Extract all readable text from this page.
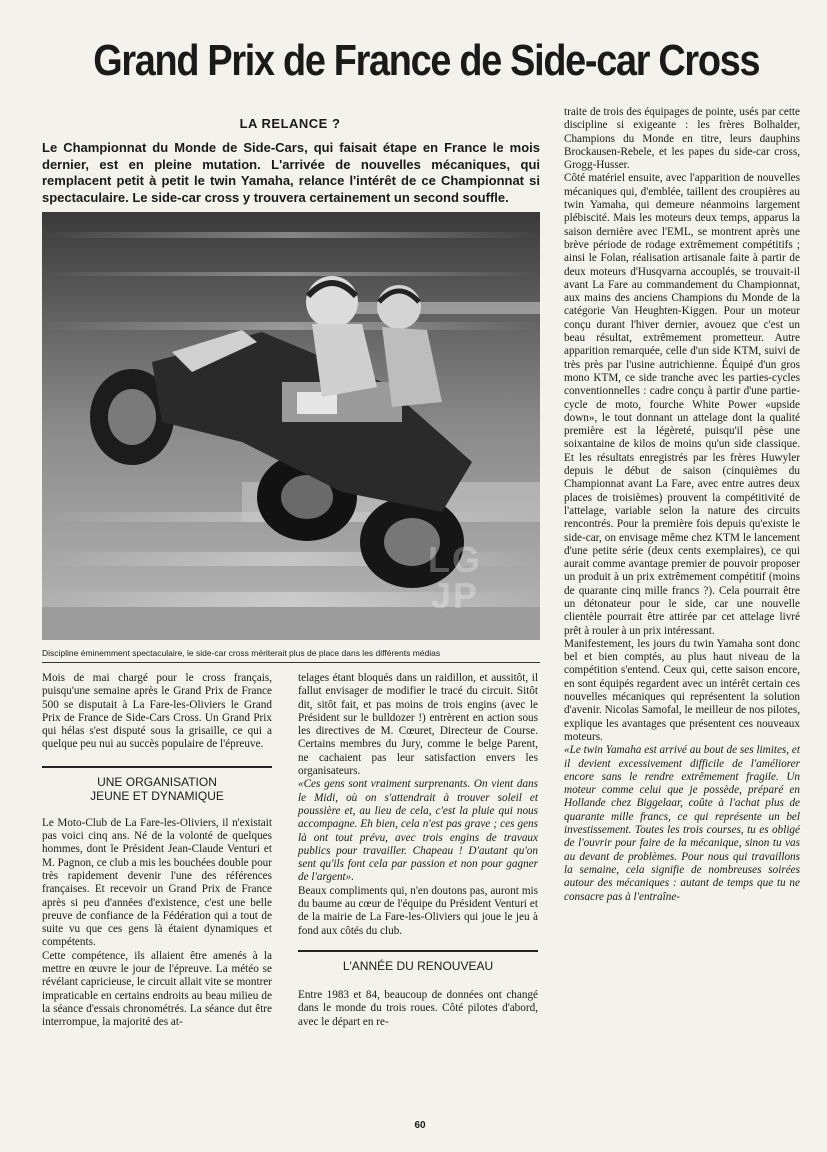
Grand Prix de France de Side-car Cross
LA RELANCE ?

Le Championnat du Monde de Side-Cars, qui faisait étape en France le mois dernier, est en pleine mutation. L'arrivée de nouvelles mécaniques, qui remplacent petit à petit le twin Yamaha, relance l'intérêt de ce Championnat si spectaculaire. Le side-car cross y trouvera certainement un second souffle.

LG JP

Discipline éminemment spectaculaire, le side-car cross mériterait plus de place dans les différents médias

Mois de mai chargé pour le cross français, puisqu'une semaine après le Grand Prix de France 500 se disputait à La Fare-les-Oliviers le Grand Prix de France de Side-Cars Cross. Un Grand Prix qui hélas s'est disputé sous la grisaille, ce qui a quelque peu nui au succès populaire de l'épreuve.

UNE ORGANISATION
JEUNE ET DYNAMIQUE

Le Moto-Club de La Fare-les-Oliviers, il n'existait pas voici cinq ans. Né de la volonté de quelques hommes, dont le Président Jean-Claude Venturi et M. Pagnon, ce club a mis les bouchées double pour très rapidement devenir l'une des références françaises. Et recevoir un Grand Prix de France après si peu d'années d'existence, c'est une belle preuve de confiance de la Fédération qui a tout de suite vu que ces gens là étaient dynamiques et compétents.

Cette compétence, ils allaient être amenés à la mettre en œuvre le jour de l'épreuve. La météo se révélant capricieuse, le circuit allait vite se montrer impraticable en certains endroits au beau milieu de la séance d'essais chronométrés. La séance dut être interrompue, la majorité des at-

telages étant bloqués dans un raidillon, et aussitôt, il fallut envisager de modifier le tracé du circuit. Sitôt dit, sitôt fait, et pas moins de trois engins (avec le Président sur le bulldozer !) entrèrent en action sous les directives de M. Cœuret, Directeur de Course. Certains membres du Jury, comme le belge Parent, ne cachaient pas leur satisfaction envers les organisateurs.

«Ces gens sont vraiment surprenants. On vient dans le Midi, où on s'attendrait à trouver soleil et poussière et, au lieu de cela, c'est la pluie qui nous accompagne. Eh bien, cela n'est pas grave ; ces gens là ont tout prévu, avec trois engins de travaux publics pour travailler. Chapeau ! D'autant qu'on sent qu'ils font cela par passion et non pour gagner de l'argent».

Beaux compliments qui, n'en doutons pas, auront mis du baume au cœur de l'équipe du Président Venturi et de la mairie de La Fare-les-Oliviers qui joue le jeu à fond aux côtés du club.

L'ANNÉE DU RENOUVEAU

Entre 1983 et 84, beaucoup de données ont changé dans le monde du trois roues. Côté pilotes d'abord, avec le départ en re-

traite de trois des équipages de pointe, usés par cette discipline si exigeante : les frères Bolhalder, Champions du Monde en titre, leurs dauphins Brockausen-Rebele, et les papes du side-car cross, Grogg-Husser.

Côté matériel ensuite, avec l'apparition de nouvelles mécaniques qui, d'emblée, taillent des croupières au twin Yamaha, qui demeure néanmoins largement plébiscité. Mais les moteurs deux temps, apparus la saison dernière avec l'EML, se montrent après une brève période de rodage extrêmement compétitifs ; ainsi le Folan, réalisation artisanale faite à partir de deux moteurs d'Husqvarna accouplés, se trouvait-il avant La Fare au commandement du Championnat, aux mains des anciens Champions du Monde de la catégorie Van Heughten-Kiggen. Pour un moteur conçu durant l'hiver dernier, avouez que c'est un beau résultat, extrêmement prometteur. Autre apparition remarquée, celle d'un side KTM, suivi de très près par l'usine autrichienne. Équipé d'un gros mono KTM, ce side tranche avec les parties-cycles conventionnelles : cadre conçu à partir d'une partie-cycle de moto, fourche White Power «upside down», le tout donnant un attelage dont la qualité première est la légèreté, puisqu'il pèse une soixantaine de kilos de moins qu'un side classique. Et les résultats enregistrés par les frères Huwyler depuis le début de saison (cinquièmes du Championnat avant La Fare, avec entre autres deux places de troisièmes) prouvent la compétitivité de l'attelage, variable selon la nature des circuits rencontrés. Pour la première fois depuis qu'existe le side-car, on envisage même chez KTM le lancement d'une petite série (deux cents exemplaires), ce qui aurait comme avantage premier de pouvoir proposer un produit à un prix extrêmement compétitif (moins de quarante cinq mille francs ?). Cela pourrait être un détonateur pour le side, car une nouvelle clientèle pourrait être attirée par cet attelage livré prêt à rouler à un prix intéressant.

Manifestement, les jours du twin Yamaha sont donc bel et bien comptés, au plus haut niveau de la compétition s'entend. Ceux qui, cette saison encore, en sont équipés regardent avec un intérêt certain ces nouvelles mécaniques qui représentent la solution d'avenir. Nicolas Samofal, le meilleur de nos pilotes, explique les avantages que présentent ces nouveaux moteurs.

«Le twin Yamaha est arrivé au bout de ses limites, et il devient excessivement difficile de l'améliorer encore sans le rendre extrêmement fragile. Un moteur comme celui que je possède, préparé en Hollande chez Biggelaar, coûte à l'achat plus de quarante mille francs, ce qui représente un bel investissement. Toutes les trois courses, tu es obligé de l'ouvrir pour faire de la mécanique, sinon tu vas au devant de problèmes. Pour nous qui travaillons la semaine, cela signifie de nombreuses soirées autour des mécaniques : autant de temps que tu ne consacre pas à l'entraîne-

60
